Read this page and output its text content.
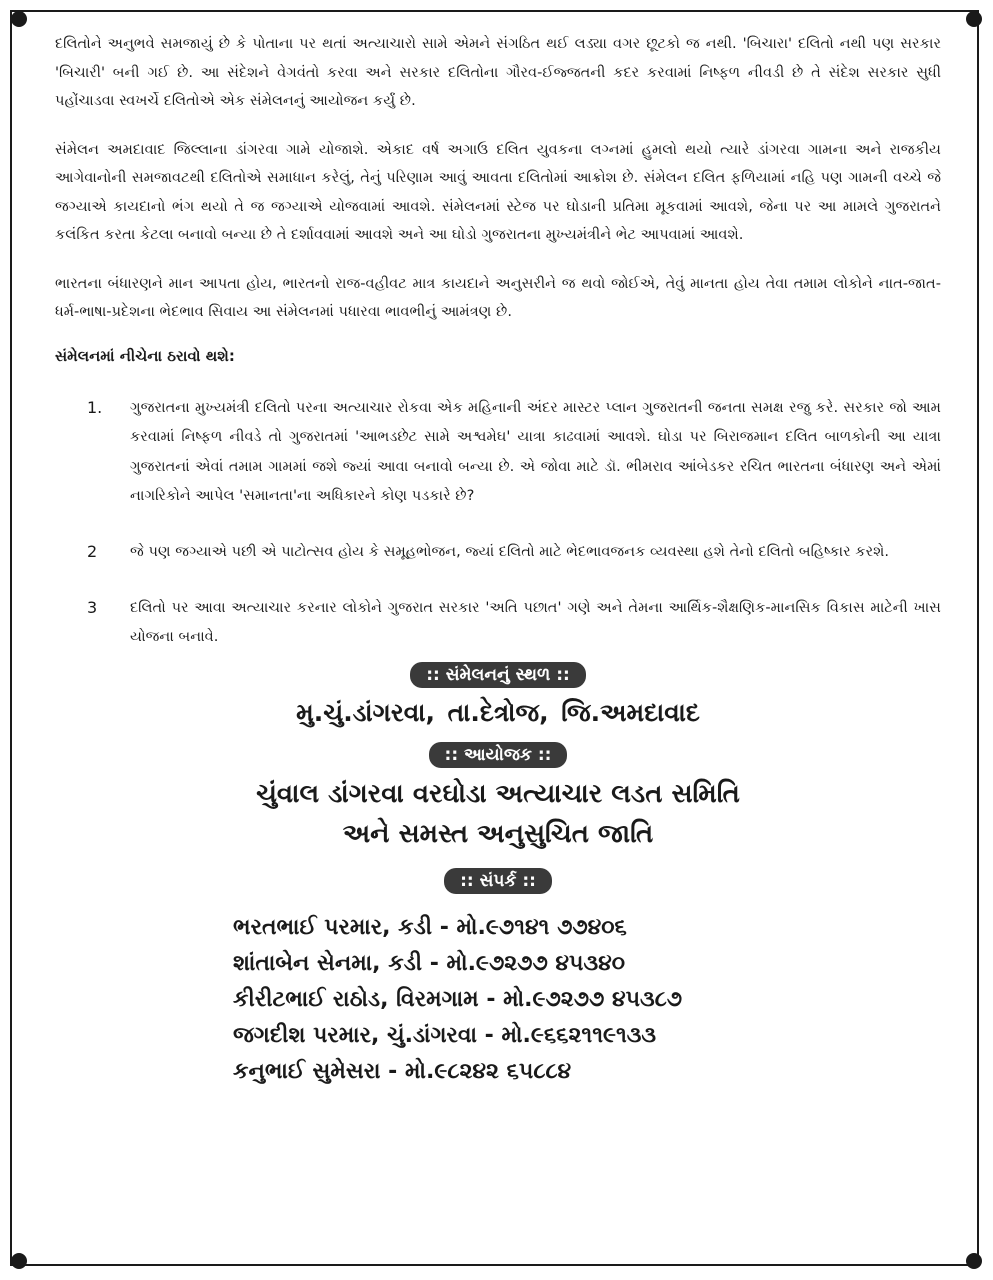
દલિતોને અનુભવે સમજાયું છે કે પોતાના પર થતાં અત્યાચારો સામે એમને સંગઠિત થઈ લડ્યા વગર છૂટકો જ નથી. 'બિચારા' દલિતો નથી પણ સરકાર 'બિચારી' બની ગઈ છે. આ સંદેશને વેગવંતો કરવા અને સરકાર દલિતોના ગૌરવ-ઈજ્જતની કદર કરવામાં નિષ્ફળ નીવડી છે તે સંદેશ સરકાર સુધી પહોંચાડવા સ્વખર્ચે દલિતોએ એક સંમેલનનું આયોજન કર્યું છે.

સંમેલન અમદાવાદ જિલ્લાના ડાંગરવા ગામે યોજાશે. એકાદ વર્ષ અગાઉ દલિત યુવકના લગ્નમાં હુમલો થયો ત્યારે ડાંગરવા ગામના અને રાજકીય આગેવાનોની સમજાવટથી દલિતોએ સમાધાન કરેલું, તેનું પરિણામ આવું આવતા દલિતોમાં આક્રોશ છે. સંમેલન દલિત ફળિયામાં નહિ પણ ગામની વચ્ચે જે જગ્યાએ કાયદાનો ભંગ થયો તે જ જગ્યાએ યોજવામાં આવશે. સંમેલનમાં સ્ટેજ પર ઘોડાની પ્રતિમા મૂકવામાં આવશે, જેના પર આ મામલે ગુજરાતને કલંકિત કરતા કેટલા બનાવો બન્યા છે તે દર્શાવવામાં આવશે અને આ ઘોડો ગુજરાતના મુખ્યમંત્રીને ભેટ આપવામાં આવશે.

ભારતના બંધારણને માન આપતા હોય, ભારતનો રાજ-વહીવટ માત્ર કાયદાને અનુસરીને જ થવો જોઈએ, તેવું માનતા હોય તેવા તમામ લોકોને નાત-જાત-ધર્મ-ભાષા-પ્રદેશના ભેદભાવ સિવાય આ સંમેલનમાં પધારવા ભાવભીનું આમંત્રણ છે.

સંમેલનમાં નીચેના ઠરાવો થશે:
1.	ગુજરાતના મુખ્યમંત્રી દલિતો પરના અત્યાચાર રોકવા એક મહિનાની અંદર માસ્ટર પ્લાન ગુજરાતની જનતા સમક્ષ રજુ કરે. સરકાર જો આમ કરવામાં નિષ્ફળ નીવડે તો ગુજરાતમાં 'આભડછેટ સામે અશ્વમેઘ' યાત્રા કાઢવામાં આવશે. ઘોડા પર બિરાજમાન દલિત બાળકોની આ યાત્રા ગુજરાતનાં એવાં તમામ ગામમાં જશે જ્યાં આવા બનાવો બન્યા છે. એ જોવા માટે ડૉ. ભીમરાવ આંબેડકર રચિત ભારતના બંધારણ અને એમાં નાગરિકોને આપેલ 'સમાનતા'ના અધિકારને કોણ પડકારે છે?
2	જે પણ જગ્યાએ પછી એ પાટોત્સવ હોય કે સમૂહભોજન, જ્યાં દલિતો માટે ભેદભાવજનક વ્યવસ્થા હશે તેનો દલિતો બહિષ્કાર કરશે.
3	દલિતો પર આવા અત્યાચાર કરનાર લોકોને ગુજરાત સરકાર 'અતિ પછાત' ગણે અને તેમના આર્થિક-શૈક્ષણિક-માનસિક વિકાસ માટેની ખાસ યોજના બનાવે.
:: સંમેલનનું સ્થળ ::
મુ.ચું.ડાંગરવા, તા.દેત્રોજ, જિ.અમદાવાદ
:: આયોજક ::
ચુંવાલ ડાંગરવા વરઘોડા અત્યાચાર લડત સમિતિ
અને સમસ્ત અનુસુચિત જાતિ
:: સંપર્ક ::
ભરતભાઈ પરમાર, કડી - મો.૯૭૧૪૧ ૭૭૪૦૬
શાંતાબેન સેનમા, કડી - મો.૯૭૨૭૭ ૪૫૩૪૦
કીરીટભાઈ રાઠોડ, વિરમગામ - મો.૯૭૨૭૭ ૪૫૩૮૭
જગદીશ પરમાર, ચું.ડાંગરવા - મો.૯૬૬૨૧૧૯૧૩૩
કનુભાઈ સુમેસરા - મો.૯૮૨૪૨ ૬૫૮૮૪
